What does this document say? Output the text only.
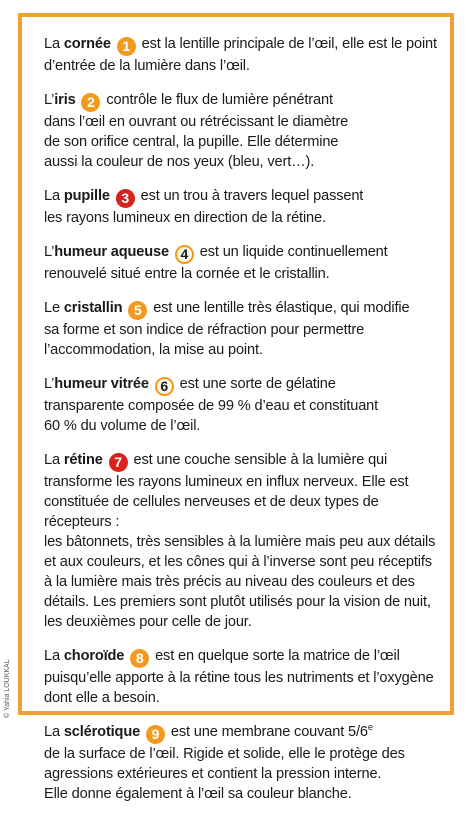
La cornée 1 est la lentille principale de l’œil, elle est le point

d’entrée de la lumière dans l’œil.

L’iris 2 contrôle le flux de lumière pénétrant

dans l’œil en ouvrant ou rétrécissant le diamètre

de son orifice central, la pupille. Elle détermine

aussi la couleur de nos yeux (bleu, vert…).

La pupille 3 est un trou à travers lequel passent

les rayons lumineux en direction de la rétine.

L’humeur aqueuse 4 est un liquide continuellement

renouvelé situé entre la cornée et le cristallin.

Le cristallin 5 est une lentille très élastique, qui modifie

sa forme et son indice de réfraction pour permettre

l’accommodation, la mise au point.

L’humeur vitrée 6 est une sorte de gélatine

transparente composée de 99 % d’eau et constituant

60 % du volume de l’œil.

La rétine 7 est une couche sensible à la lumière qui

transforme les rayons lumineux en influx nerveux. Elle est

constituée de cellules nerveuses et de deux types de récepteurs :

les bâtonnets, très sensibles à la lumière mais peu aux détails

et aux couleurs, et les cônes qui à l’inverse sont peu réceptifs

à la lumière mais très précis au niveau des couleurs et des

détails. Les premiers sont plutôt utilisés pour la vision de nuit,

les deuxièmes pour celle de jour.

La choroïde 8 est en quelque sorte la matrice de l’œil

puisqu’elle apporte à la rétine tous les nutriments et l’oxygène

dont elle a besoin.

La sclérotique 9 est une membrane couvant 5/6e

de la surface de l’œil. Rigide et solide, elle le protège des

agressions extérieures et contient la pression interne.

Elle donne également à l’œil sa couleur blanche.

© Yahia LOUKKAL
